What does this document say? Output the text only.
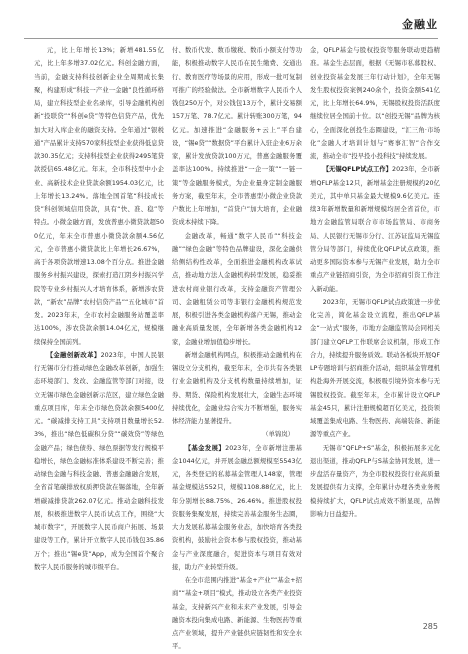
金融业

元，比上年增长13%；新增481.55亿元，比上年多增37.02亿元。科创金融方面，当前，金融支持科技创新企业全周期成长集聚，构建形成“科技一产业一金融”良性循环格局，建立科技型企业名录库，引导金融机构创新“投联贷”“科创e贷”等特色信贷产品，优先加大对入库企业的融资支持。全年通过“银税通”产品累计支持570家科技型企业获得低息贷款30.35亿元；支持科技型企业获得2495笔贷款授信65.48亿元。年末，全市科技型中小企业、高新技术企业贷款余额1954.03亿元，比上年增长13.24%。落地全国首笔“科技成长贷”科创领域信用贷款，具有“快、准、稳”等特点。小微金融方面，发放普惠小微贷款超500亿元，年末全市普惠小微贷款余额4.56亿元，全市普惠小微贷款比上年增长26.67%，高于各项贷款增速13.08个百分点。推进金融服务乡村振兴建设，探索打造江阴乡村振兴学院等专业乡村振兴人才培育体系，新增涉农贷款，“新农”品牌“农村信贷产品”“五化城市”首发。2023年末，全市农村金融服务站覆盖率达100%，涉农贷款余额14.04亿元，规模继续保持全国前列。

【金融创新改革】2023年，中国人民银行无锡市分行推动绿色金融改革创新，加强生态环境部门、发改、金融监管等部门对接，设立无锡市绿色金融创新示范区，建立绿色金融重点项目库，年末全市绿色贷款余额5400亿元。“碳减排支持工具”支持项目数量增长52.3%，推出“绿色低碳积分贷”“碳效贷”等绿色金融产品；绿色债券、绿色票据等发行规模平稳增长，绿色金融标准体系建设不断完善；推动绿色金融与科技金融、普惠金融融合发展，全省首笔碳排放权质押贷款在锡落地，全年新增碳减排贷款262.07亿元。推动金融科技发展，积极推进数字人民币试点工作，围绕“大城市数字”，开展数字人民币商户拓展、场景建设等工作，累计开立数字人民币钱包35.86万个；推出“锡e贷”App，成为全国首个聚合数字人民币服务的城市级平台。

付、数币代发、数币缴税、数币小额支付等功能，积极推动数字人民币在民生缴费、交通出行、教育医疗等场景的应用，形成一批可复制可推广的经验做法。全市新增数字人民币个人钱包250万个，对公钱包13万个，累计交易额157万笔、78.7亿元。累计转账300万笔，94亿元。加速推进“金融服务+云上”平台建设，“锡e贷”“数据贷”平台累计入驻企业6万余家，累计发放贷款100万元，普惠金融服务覆盖率达100%。持续推进“一企一策”“一链一策”等金融服务模式，为企业量身定制金融服务方案，截至年末，全市普惠型小微企业贷款户数比上年增加，“首贷户”加大培育，企业融资成本持续下降。

金融改革，畅通“数字人民币”“科技金融”“绿色金融”等特色品牌建设，深化金融供给侧结构性改革，全面推进金融机构改革试点，推动地方法人金融机构转型发展，稳妥推进农村商业银行改革，支持金融资产管理公司、金融租赁公司等非银行金融机构规范发展，积极引进各类金融机构落户无锡，推动金融业高质量发展，全年新增各类金融机构12家，金融业增加值稳步增长。

新增金融机构网点，积极推动金融机构在锡设立分支机构，截至年末，全市共有各类银行业金融机构及分支机构数量持续增加，证券、期货、保险机构发展壮大，金融生态环境持续优化，金融业综合实力不断增强，服务实体经济能力显著提升。

（单锦岚）

【基金发展】2023年，全市新增注册基金1044亿元，并开展金融总额规模至5543亿元，各类登记的私募基金管理人148家，管理基金规模达552只，规模1108.88亿元，比上年分别增长88.75%、26.46%。推进股权投资服务集聚发展，持续完善基金服务生态圈，大力发展私募基金服务业态，加快培育各类投资机构，鼓励社会资本参与股权投资，推动基金与产业深度融合，促进资本与项目有效对接，助力产业转型升级。

在全市范围内推进“基金+产业”“基金+招商”“基金+项目”模式，推动设立各类产业投资基金，支持新兴产业和未来产业发展，引导金融资本投向集成电路、新能源、生物医药等重点产业领域，提升产业链供应链韧性和安全水平。

金，QFLP基金与股权投资等服务联动更趋精准。基金生态层面，根据《无锡市私募股权、创业投资基金发展三年行动计划》，全年无锡发生股权投资案例240余个，投资金额541亿元，比上年增长64.9%，无锡股权投资活跃度继续位居全国前十位。以“创投无锡”品牌为核心，全面深化创投生态圈建设，“汇三角·市场化”金融人才培训计划与“赛事汇智”合作交流，推动全市“投早投小投科技”持续发展。

【无锡QFLP试点工作】2023年，全市新增QFLP基金12只，新增基金注册规模约20亿美元，其中单只基金最大规模9.6亿美元。连续3年新增数量和新增规模均居全省首位，市地方金融监管局联合市市场监管局、市商务局、人民银行无锡市分行、江苏证监局无锡监管分局等部门，持续优化QFLP试点政策，推动更多国际资本参与无锡产业发展，助力全市重点产业链招商引资，为全市招商引资工作注入新动能。

2023年，无锡市QFLP试点政策进一步优化完善，简化基金设立流程，推出QFLP基金“一站式”服务，市地方金融监管局会同相关部门建立QFLP工作联席会议机制，形成工作合力，持续提升服务质效。联动各板块开展QFLP专题培训与招商推介活动，组织基金管理机构赴海外开展交流，积极吸引境外资本参与无锡股权投资。截至年末，全市累计设立QFLP基金45只，累计注册规模超百亿美元，投资领域覆盖集成电路、生物医药、高端装备、新能源等重点产业。

无锡市“QFLP+S”基金，积极拓展多元化退出渠道，推动QFLP与S基金协同发展，进一步盘活存量资产，为全市股权投资行业高质量发展提供有力支撑，全年累计办理各类业务规模持续扩大，QFLP试点成效不断显现，品牌影响力日益提升。

285
